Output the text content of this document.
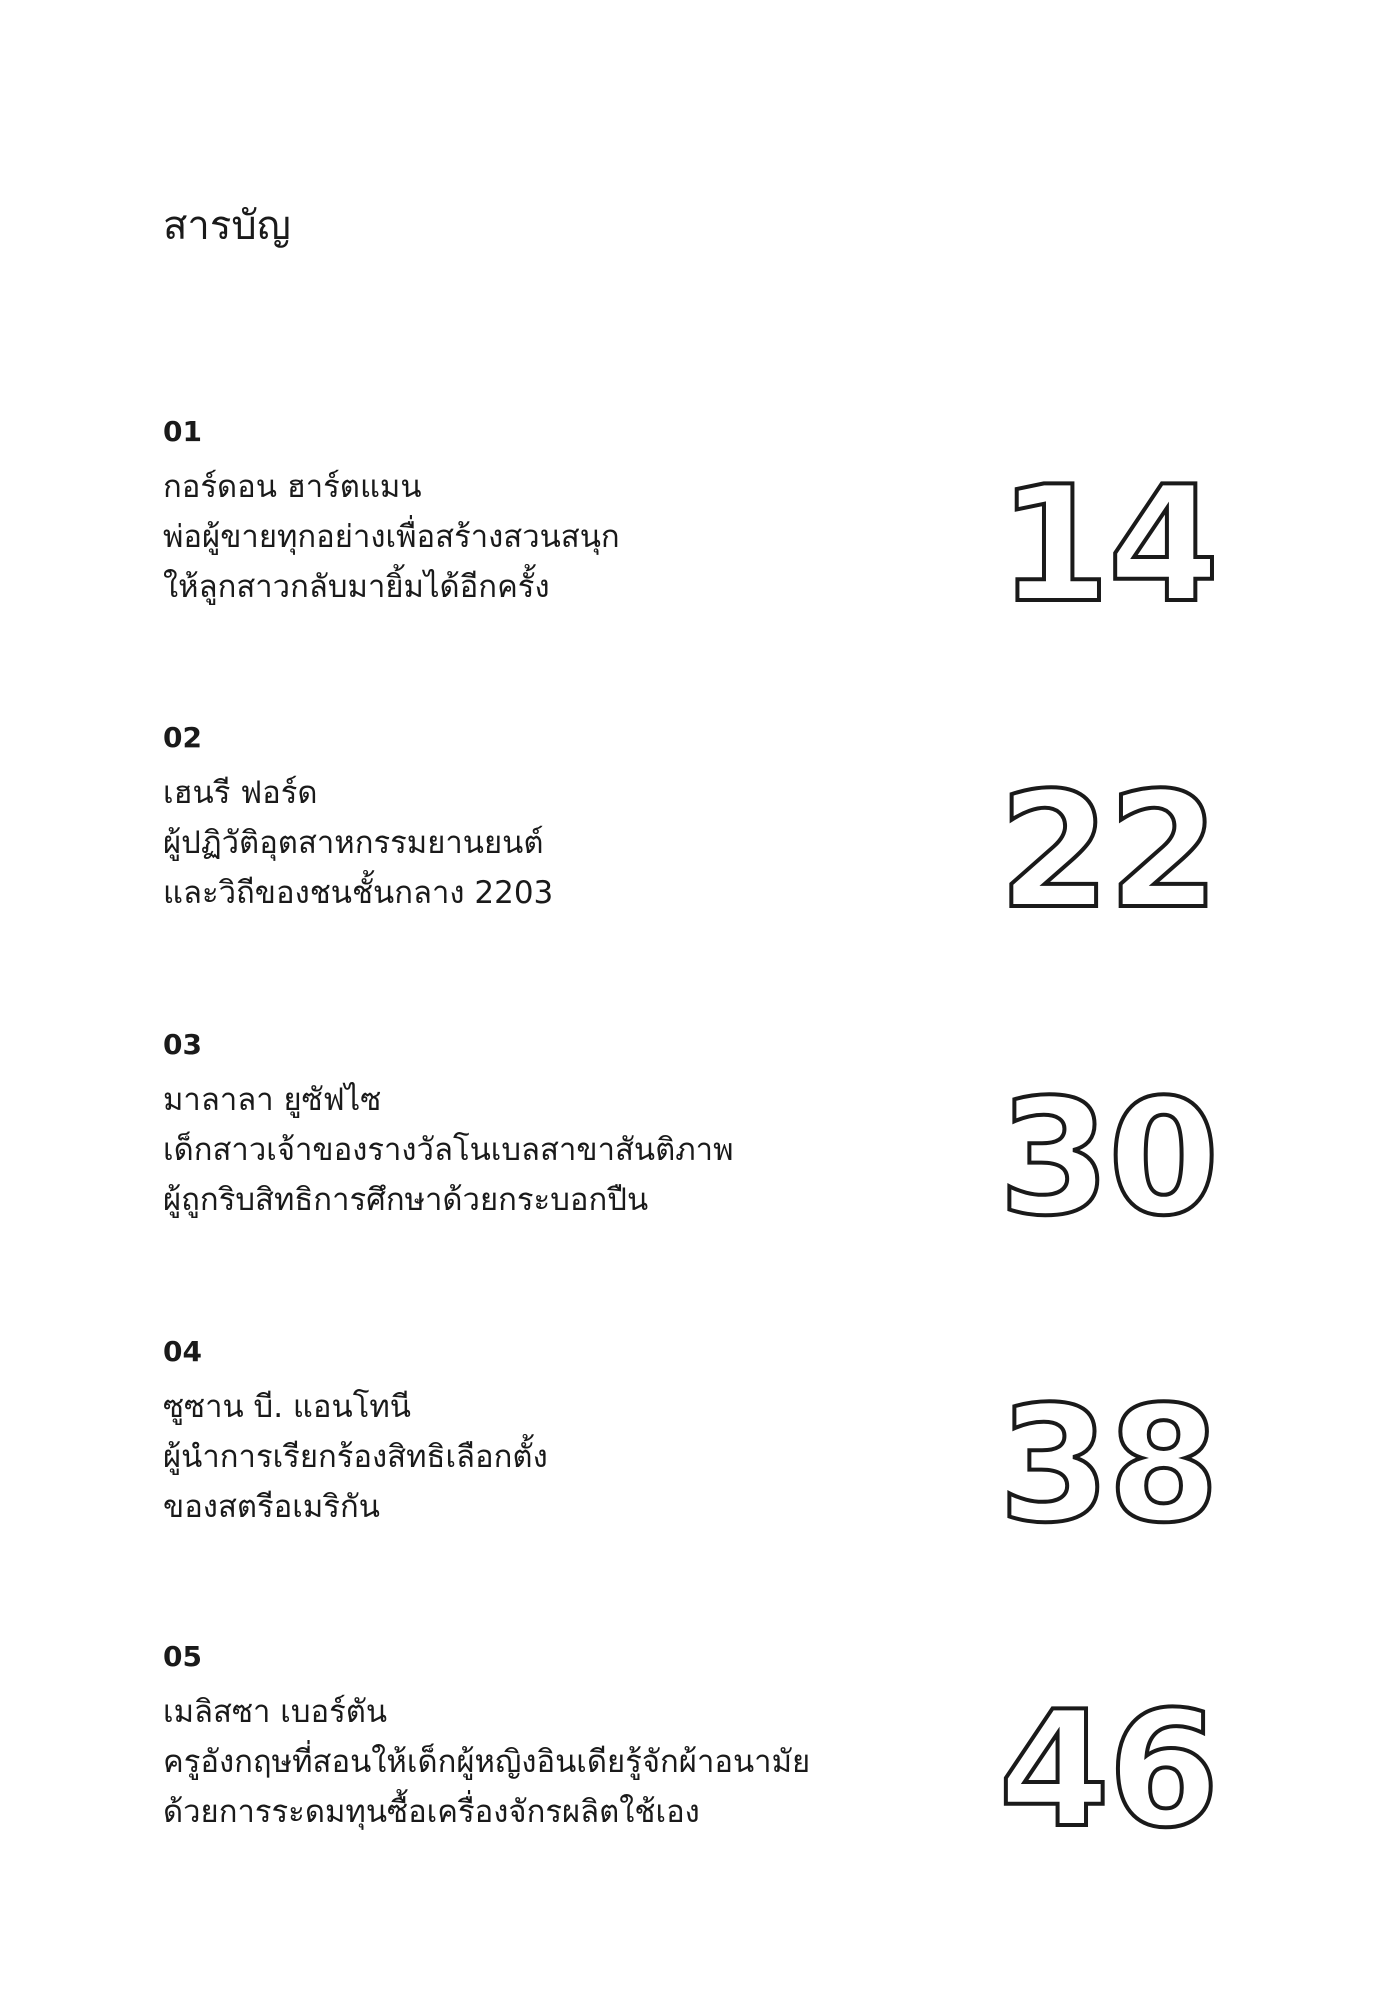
สารบัญ
01
กอร์ดอน ฮาร์ตแมน
พ่อผู้ขายทุกอย่างเพื่อสร้างสวนสนุก
ให้ลูกสาวกลับมายิ้มได้อีกครั้ง	14
02
เฮนรี ฟอร์ด
ผู้ปฏิวัติอุตสาหกรรมยานยนต์
และวิถีของชนชั้นกลาง 2203	22
03
มาลาลา ยูซัฟไซ
เด็กสาวเจ้าของรางวัลโนเบลสาขาสันติภาพ
ผู้ถูกริบสิทธิการศึกษาด้วยกระบอกปืน	30
04
ซูซาน บี. แอนโทนี
ผู้นำการเรียกร้องสิทธิเลือกตั้ง
ของสตรีอเมริกัน	38
05
เมลิสซา เบอร์ตัน
ครูอังกฤษที่สอนให้เด็กผู้หญิงอินเดียรู้จักผ้าอนามัย
ด้วยการระดมทุนซื้อเครื่องจักรผลิตใช้เอง	46
